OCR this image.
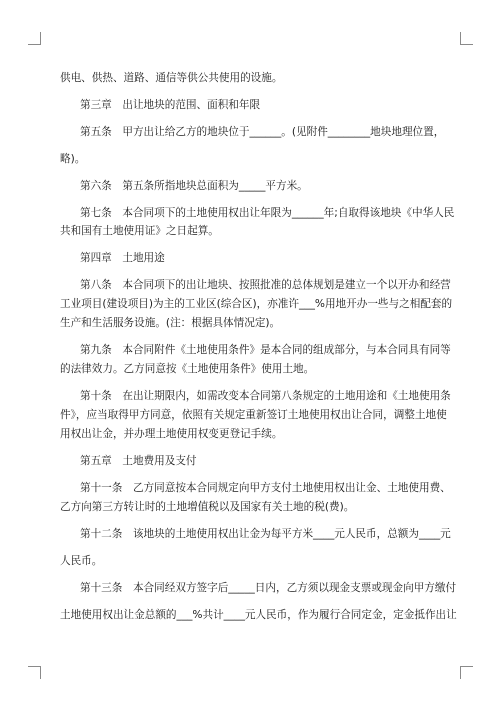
供电、供热、道路、通信等供公共使用的设施。
第三章　出让地块的范围、面积和年限
第五条　甲方出让给乙方的地块位于______。(见附件________地块地理位置，
略)。
第六条　第五条所指地块总面积为_____平方米。
第七条　本合同项下的土地使用权出让年限为______年;自取得该地块《中华人民
共和国有土地使用证》之日起算。
第四章　土地用途
第八条　本合同项下的出让地块、按照批准的总体规划是建立一个以开办和经营
工业项目(建设项目)为主的工业区(综合区)，亦准许___%用地开办一些与之相配套的
生产和生活服务设施。(注：根据具体情况定)。
第九条　本合同附件《土地使用条件》是本合同的组成部分，与本合同具有同等
的法律效力。乙方同意按《土地使用条件》使用土地。
第十条　在出让期限内，如需改变本合同第八条规定的土地用途和《土地使用条
件》，应当取得甲方同意，依照有关规定重新签订土地使用权出让合同，调整土地使
用权出让金，并办理土地使用权变更登记手续。
第五章　土地费用及支付
第十一条　乙方同意按本合同规定向甲方支付土地使用权出让金、土地使用费、
乙方向第三方转让时的土地增值税以及国家有关土地的税(费)。
第十二条　该地块的土地使用权出让金为每平方米____元人民币，总额为____元
人民币。
第十三条　本合同经双方签字后_____日内，乙方须以现金支票或现金向甲方缴付
土地使用权出让金总额的___%共计____元人民币，作为履行合同定金，定金抵作出让
